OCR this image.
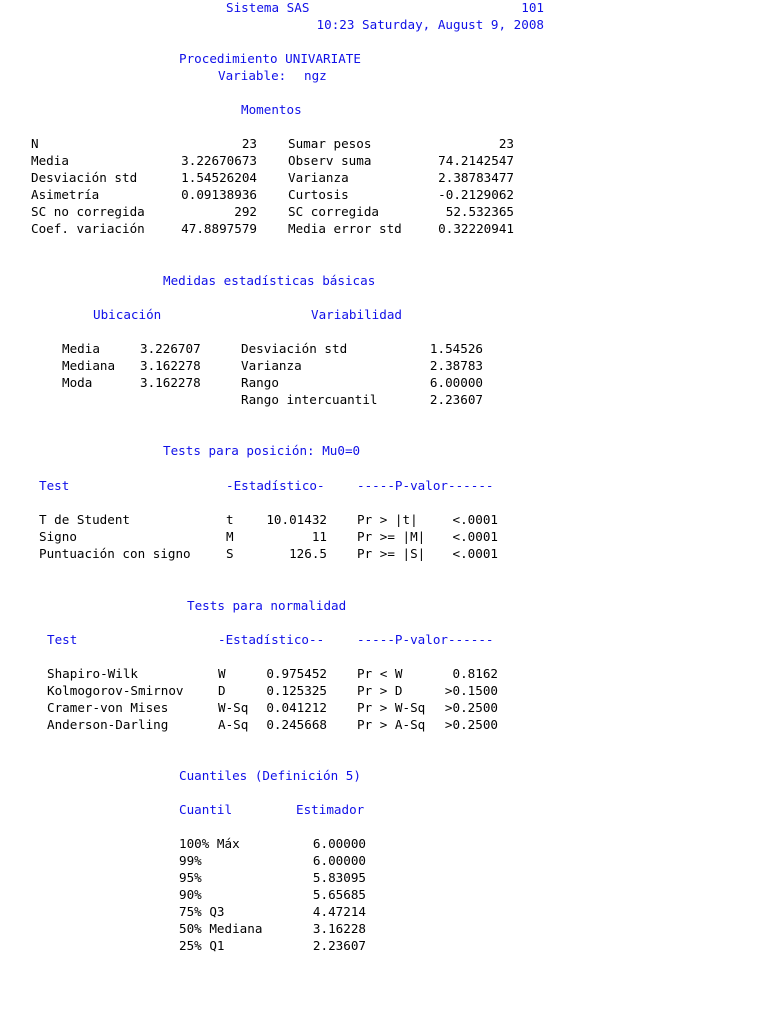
Sistema SAS	101
10:23 Saturday, August 9, 2008
Procedimiento UNIVARIATE
Variable: ngz
Momentos
N	23 Sumar pesos	23
Media	3.22670673 Observ suma	74.2142547
Desviación std	1.54526204 Varianza	2.38783477
Asimetría	0.09138936 Curtosis	-0.2129062
SC no corregida	292 SC corregida	52.532365
Coef. variación	47.8897579 Media error std	0.32220941
Medidas estadísticas básicas
Ubicación	Variabilidad
Media	3.226707	Desviación std	1.54526
Mediana 3.162278	Varianza	2.38783
Moda	3.162278	Rango	6.00000
Rango intercuantil	2.23607
Tests para posición: Mu0=0
Test	-Estadístico-	-----P-valor------
T de Student	t	10.01432 Pr > |t|	<.0001
Signo	M	11 Pr >= |M|	<.0001
Puntuación con signo	S	126.5 Pr >= |S|	<.0001
Tests para normalidad
Test	-Estadístico--	-----P-valor------
Shapiro-Wilk	W	0.975452 Pr < W	0.8162
Kolmogorov-Smirnov	D	0.125325 Pr > D	>0.1500
Cramer-von Mises	W-Sq	0.041212 Pr > W-Sq	>0.2500
Anderson-Darling	A-Sq	0.245668 Pr > A-Sq	>0.2500
Cuantiles (Definición 5)
Cuantil	Estimador
100% Máx	6.00000
99%	6.00000
95%	5.83095
90%	5.65685
75% Q3	4.47214
50% Mediana	3.16228
25% Q1	2.23607
